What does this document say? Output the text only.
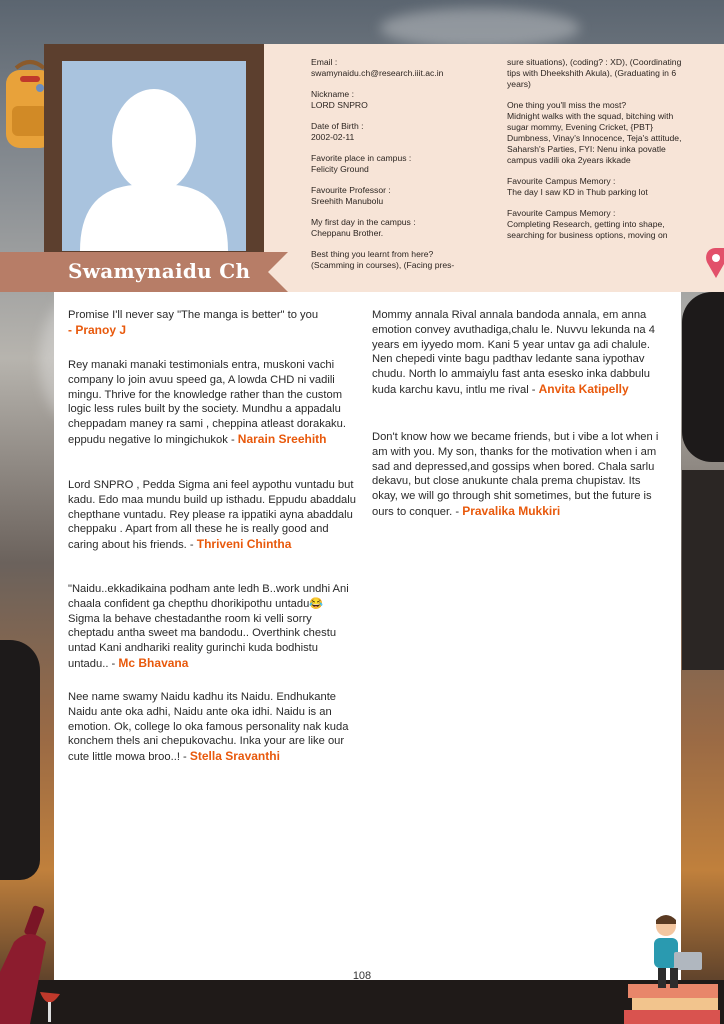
Swamynaidu Ch
Email :
swamynaidu.ch@research.iiit.ac.in
Nickname :
LORD SNPRO
Date of Birth :
2002-02-11
Favorite place in campus :
Felicity Ground
Favourite Professor :
Sreehith Manubolu
My first day in the campus :
Cheppanu Brother.
Best thing you learnt from here?
(Scamming in courses), (Facing pres-
sure situations), (coding? : XD), (Coordinating tips with Dheekshith Akula), (Graduating in 6 years)
One thing you'll miss the most?
Midnight walks with the squad, bitching with sugar mommy, Evening Cricket, {PBT} Dumbness, Vinay's Innocence, Teja's attitude, Saharsh's Parties, FYI: Nenu inka povatle campus vadili oka 2years ikkade
Favourite Campus Memory :
The day I saw KD in Thub parking lot
Favourite Campus Memory :
Completing Research, getting into shape, searching for business options, moving on
Promise I'll never say "The manga is better" to you
- Pranoy J
Rey manaki manaki testimonials entra, muskoni vachi company lo join avuu speed ga, A lowda CHD ni vadili mingu. Thrive for the knowledge rather than the custom logic less rules built by the society. Mundhu a appadalu cheppadam maney ra sami , cheppina atleast dorakaku. eppudu negative lo mingichukok - Narain Sreehith
Lord SNPRO , Pedda Sigma ani feel aypothu vuntadu but kadu. Edo maa mundu build up isthadu. Eppudu abaddalu chepthane vuntadu. Rey please ra ippatiki ayna abaddalu cheppaku . Apart from all these he is really good and caring about his friends. - Thriveni Chintha
"Naidu..ekkadikaina podham ante ledh B..work undhi Ani chaala confident ga chepthu dhorikipothu untadu😂 Sigma la behave chestadanthe room ki velli sorry cheptadu antha sweet ma bandodu.. Overthink chestu untad Kani andhariki reality gurinchi kuda bodhistu untadu.. - Mc Bhavana
Nee name swamy Naidu kadhu its Naidu. Endhukante Naidu ante oka adhi, Naidu ante oka idhi. Naidu is an emotion. Ok, college lo oka famous personality nak kuda konchem thels ani chepukovachu. Inka your are like our cute little mowa broo..! - Stella Sravanthi
Mommy annala Rival annala bandoda annala, em anna emotion convey avuthadiga,chalu le. Nuvvu lekunda na 4 years em iyyedo mom. Kani 5 year untav ga adi chalule. Nen chepedi vinte bagu padthav ledante sana iypothav chudu. North lo ammaiylu fast anta esesko inka dabbulu kuda karchu kavu, intlu me rival - Anvita Katipelly
Don't know how we became friends, but i vibe a lot when i am with you. My son, thanks for the motivation when i am sad and depressed,and gossips when bored. Chala sarlu dekavu, but close anukunte chala prema chupistav. Its okay, we will go through shit sometimes, but the future is ours to conquer. - Pravalika Mukkiri
108
